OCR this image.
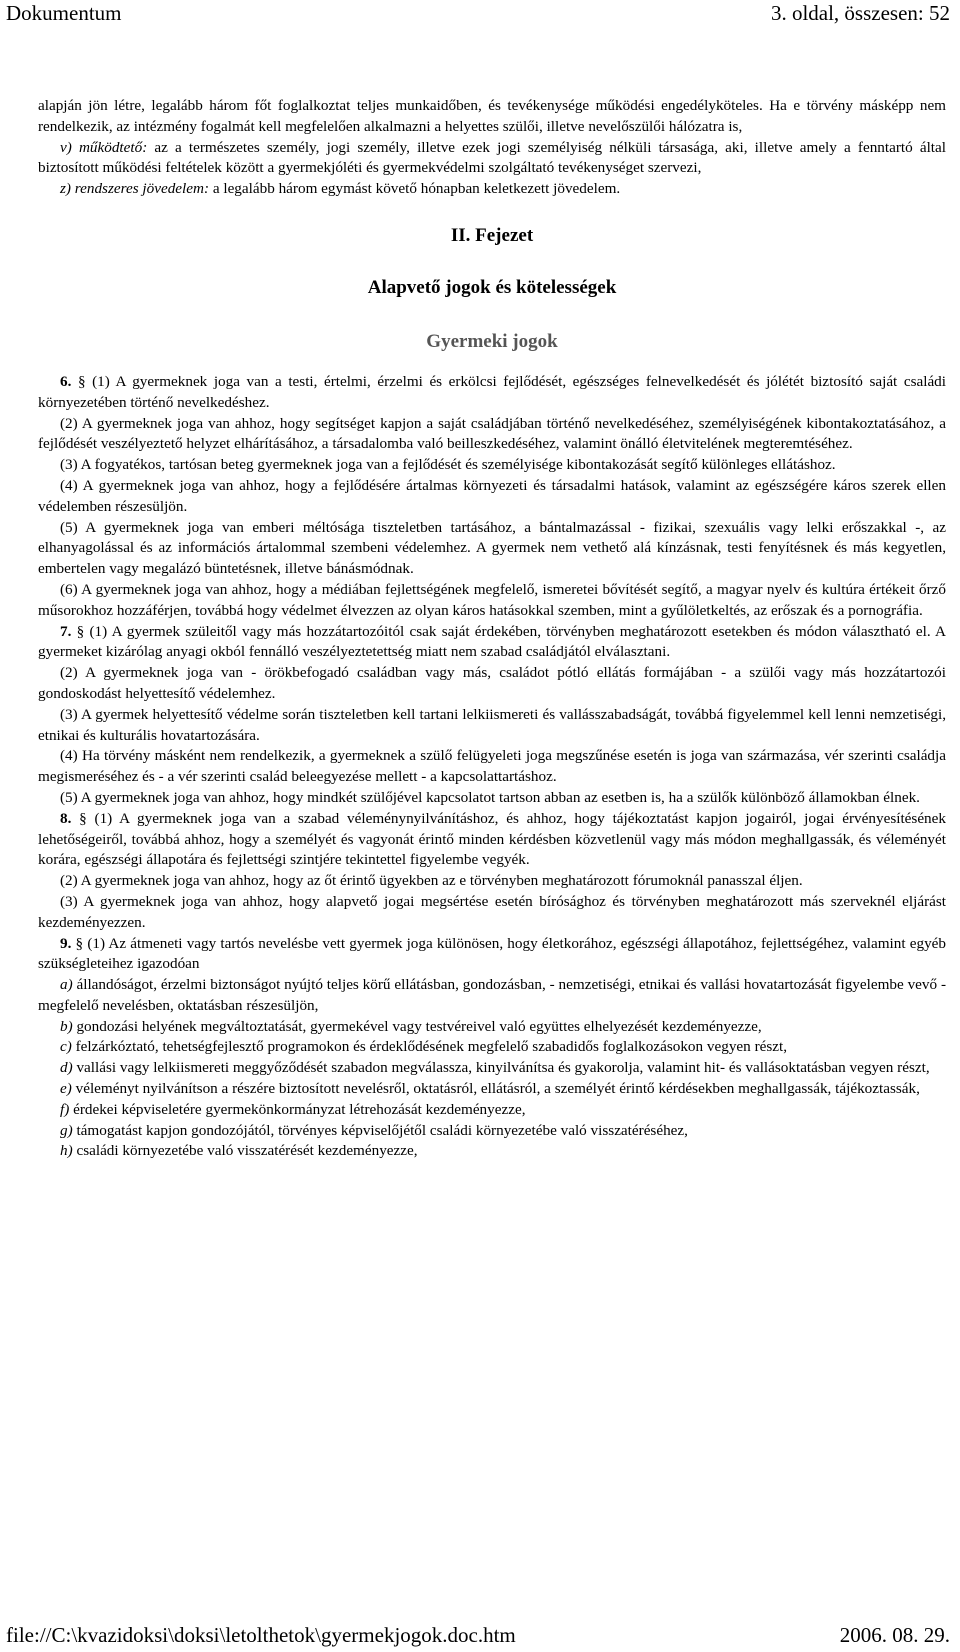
Dokumentum	3. oldal, összesen: 52

alapján jön létre, legalább három főt foglalkoztat teljes munkaidőben, és tevékenysége működési engedélyköteles. Ha e törvény másképp nem rendelkezik, az intézmény fogalmát kell megfelelően alkalmazni a helyettes szülői, illetve nevelőszülői hálózatra is,

v) működtető: az a természetes személy, jogi személy, illetve ezek jogi személyiség nélküli társasága, aki, illetve amely a fenntartó által biztosított működési feltételek között a gyermekjóléti és gyermekvédelmi szolgáltató tevékenységet szervezi,

z) rendszeres jövedelem: a legalább három egymást követő hónapban keletkezett jövedelem.

II. Fejezet
Alapvető jogok és kötelességek
Gyermeki jogok

6. § (1) A gyermeknek joga van a testi, értelmi, érzelmi és erkölcsi fejlődését, egészséges felnevelkedését és jólétét biztosító saját családi környezetében történő nevelkedéshez.

(2) A gyermeknek joga van ahhoz, hogy segítséget kapjon a saját családjában történő nevelkedéséhez, személyiségének kibontakoztatásához, a fejlődését veszélyeztető helyzet elhárításához, a társadalomba való beilleszkedéséhez, valamint önálló életvitelének megteremtéséhez.

(3) A fogyatékos, tartósan beteg gyermeknek joga van a fejlődését és személyisége kibontakozását segítő különleges ellátáshoz.

(4) A gyermeknek joga van ahhoz, hogy a fejlődésére ártalmas környezeti és társadalmi hatások, valamint az egészségére káros szerek ellen védelemben részesüljön.

(5) A gyermeknek joga van emberi méltósága tiszteletben tartásához, a bántalmazással - fizikai, szexuális vagy lelki erőszakkal -, az elhanyagolással és az információs ártalommal szembeni védelemhez. A gyermek nem vethető alá kínzásnak, testi fenyítésnek és más kegyetlen, embertelen vagy megalázó büntetésnek, illetve bánásmódnak.

(6) A gyermeknek joga van ahhoz, hogy a médiában fejlettségének megfelelő, ismeretei bővítését segítő, a magyar nyelv és kultúra értékeit őrző műsorokhoz hozzáférjen, továbbá hogy védelmet élvezzen az olyan káros hatásokkal szemben, mint a gyűlöletkeltés, az erőszak és a pornográfia.

7. § (1) A gyermek szüleitől vagy más hozzátartozóitól csak saját érdekében, törvényben meghatározott esetekben és módon választható el. A gyermeket kizárólag anyagi okból fennálló veszélyeztetettség miatt nem szabad családjától elválasztani.

(2) A gyermeknek joga van - örökbefogadó családban vagy más, családot pótló ellátás formájában - a szülői vagy más hozzátartozói gondoskodást helyettesítő védelemhez.

(3) A gyermek helyettesítő védelme során tiszteletben kell tartani lelkiismereti és vallásszabadságát, továbbá figyelemmel kell lenni nemzetiségi, etnikai és kulturális hovatartozására.

(4) Ha törvény másként nem rendelkezik, a gyermeknek a szülő felügyeleti joga megszűnése esetén is joga van származása, vér szerinti családja megismeréséhez és - a vér szerinti család beleegyezése mellett - a kapcsolattartáshoz.

(5) A gyermeknek joga van ahhoz, hogy mindkét szülőjével kapcsolatot tartson abban az esetben is, ha a szülők különböző államokban élnek.

8. § (1) A gyermeknek joga van a szabad véleménynyilvánításhoz, és ahhoz, hogy tájékoztatást kapjon jogairól, jogai érvényesítésének lehetőségeiről, továbbá ahhoz, hogy a személyét és vagyonát érintő minden kérdésben közvetlenül vagy más módon meghallgassák, és véleményét korára, egészségi állapotára és fejlettségi szintjére tekintettel figyelembe vegyék.

(2) A gyermeknek joga van ahhoz, hogy az őt érintő ügyekben az e törvényben meghatározott fórumoknál panasszal éljen.

(3) A gyermeknek joga van ahhoz, hogy alapvető jogai megsértése esetén bírósághoz és törvényben meghatározott más szerveknél eljárást kezdeményezzen.

9. § (1) Az átmeneti vagy tartós nevelésbe vett gyermek joga különösen, hogy életkorához, egészségi állapotához, fejlettségéhez, valamint egyéb szükségleteihez igazodóan

a) állandóságot, érzelmi biztonságot nyújtó teljes körű ellátásban, gondozásban, - nemzetiségi, etnikai és vallási hovatartozását figyelembe vevő - megfelelő nevelésben, oktatásban részesüljön,

b) gondozási helyének megváltoztatását, gyermekével vagy testvéreivel való együttes elhelyezését kezdeményezze,

c) felzárkóztató, tehetségfejlesztő programokon és érdeklődésének megfelelő szabadidős foglalkozásokon vegyen részt,

d) vallási vagy lelkiismereti meggyőződését szabadon megválassza, kinyilvánítsa és gyakorolja, valamint hit- és vallásoktatásban vegyen részt,

e) véleményt nyilvánítson a részére biztosított nevelésről, oktatásról, ellátásról, a személyét érintő kérdésekben meghallgassák, tájékoztassák,

f) érdekei képviseletére gyermekönkormányzat létrehozását kezdeményezze,

g) támogatást kapjon gondozójától, törvényes képviselőjétől családi környezetébe való visszatéréséhez,

h) családi környezetébe való visszatérését kezdeményezze,

file://C:\kvazidoksi\doksi\letolthetok\gyermekjogok.doc.htm	2006. 08. 29.
